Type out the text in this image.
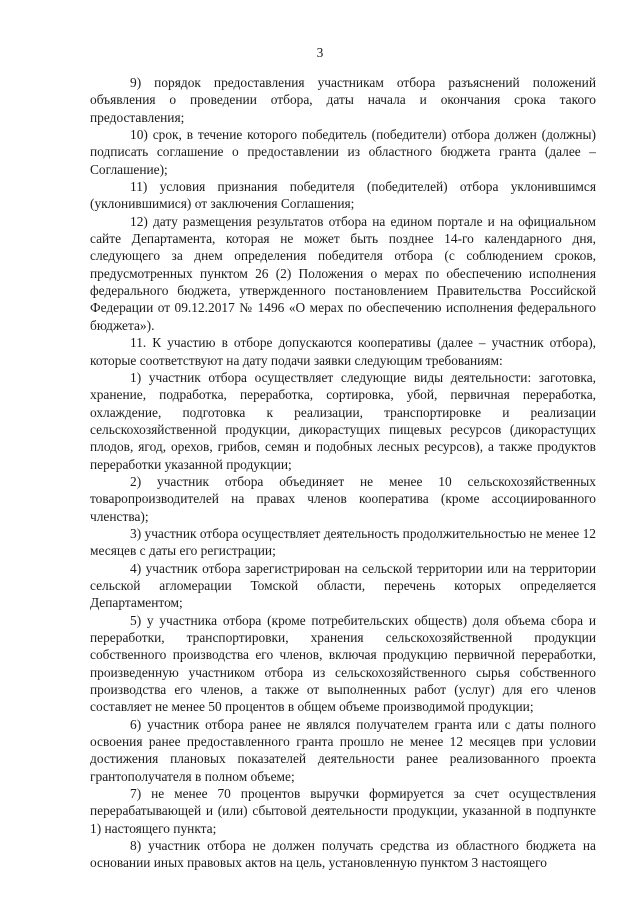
3

9) порядок предоставления участникам отбора разъяснений положений объявления о проведении отбора, даты начала и окончания срока такого предоставления;

10) срок, в течение которого победитель (победители) отбора должен (должны) подписать соглашение о предоставлении из областного бюджета гранта (далее – Соглашение);

11) условия признания победителя (победителей) отбора уклонившимся (уклонившимися) от заключения Соглашения;

12) дату размещения результатов отбора на едином портале и на официальном сайте Департамента, которая не может быть позднее 14-го календарного дня, следующего за днем определения победителя отбора (с соблюдением сроков, предусмотренных пунктом 26 (2) Положения о мерах по обеспечению исполнения федерального бюджета, утвержденного постановлением Правительства Российской Федерации от 09.12.2017 № 1496 «О мерах по обеспечению исполнения федерального бюджета»).

11. К участию в отборе допускаются кооперативы (далее – участник отбора), которые соответствуют на дату подачи заявки следующим требованиям:

1) участник отбора осуществляет следующие виды деятельности: заготовка, хранение, подработка, переработка, сортировка, убой, первичная переработка, охлаждение, подготовка к реализации, транспортировке и реализации сельскохозяйственной продукции, дикорастущих пищевых ресурсов (дикорастущих плодов, ягод, орехов, грибов, семян и подобных лесных ресурсов), а также продуктов переработки указанной продукции;

2) участник отбора объединяет не менее 10 сельскохозяйственных товаропроизводителей на правах членов кооператива (кроме ассоциированного членства);

3) участник отбора осуществляет деятельность продолжительностью не менее 12 месяцев с даты его регистрации;

4) участник отбора зарегистрирован на сельской территории или на территории сельской агломерации Томской области, перечень которых определяется Департаментом;

5) у участника отбора (кроме потребительских обществ) доля объема сбора и переработки, транспортировки, хранения сельскохозяйственной продукции собственного производства его членов, включая продукцию первичной переработки, произведенную участником отбора из сельскохозяйственного сырья собственного производства его членов, а также от выполненных работ (услуг) для его членов составляет не менее 50 процентов в общем объеме производимой продукции;

6) участник отбора ранее не являлся получателем гранта или с даты полного освоения ранее предоставленного гранта прошло не менее 12 месяцев при условии достижения плановых показателей деятельности ранее реализованного проекта грантополучателя в полном объеме;

7) не менее 70 процентов выручки формируется за счет осуществления перерабатывающей и (или) сбытовой деятельности продукции, указанной в подпункте 1) настоящего пункта;

8) участник отбора не должен получать средства из областного бюджета на основании иных правовых актов на цель, установленную пунктом 3 настоящего
